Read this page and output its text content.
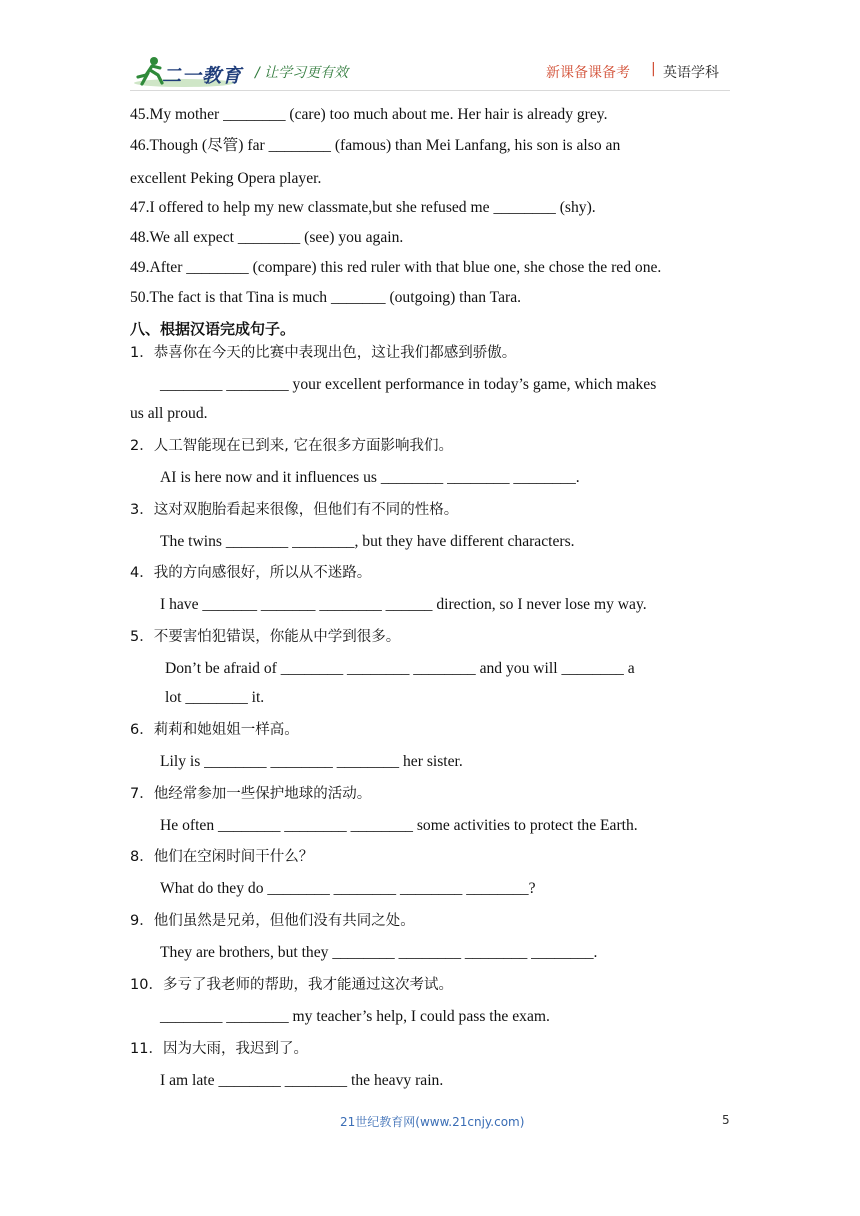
二一教育 / 让学习更有效	新课备课备考 | 英语学科
45.My mother ________ (care) too much about me. Her hair is already grey.
46.Though (尽管) far ________ (famous) than Mei Lanfang, his son is also an
excellent Peking Opera player.
47.I offered to help my new classmate,but she refused me ________ (shy).
48.We all expect ________ (see) you again.
49.After ________ (compare) this red ruler with that blue one, she chose the red one.
50.The fact is that Tina is much _______ (outgoing) than Tara.
八、根据汉语完成句子。
1．恭喜你在今天的比赛中表现出色，这让我们都感到骄傲。
________ ________ your excellent performance in today’s game, which makes
us all proud.
2．人工智能现在已到来, 它在很多方面影响我们。
AI is here now and it influences us ________ ________ ________.
3．这对双胞胎看起来很像，但他们有不同的性格。
The twins ________ ________, but they have different characters.
4．我的方向感很好，所以从不迷路。
I have _______ _______ ________ ______ direction, so I never lose my way.
5．不要害怕犯错误，你能从中学到很多。
Don’t be afraid of ________ ________ ________ and you will ________ a
lot ________ it.
6．莉莉和她姐姐一样高。
Lily is ________ ________ ________ her sister.
7．他经常参加一些保护地球的活动。
He often ________ ________ ________ some activities to protect the Earth.
8．他们在空闲时间干什么？
What do they do ________ ________ ________ ________?
9．他们虽然是兄弟，但他们没有共同之处。
They are brothers, but they ________ ________ ________ ________.
10．多亏了我老师的帮助，我才能通过这次考试。
________ ________ my teacher’s help, I could pass the exam.
11．因为大雨，我迟到了。
I am late ________ ________ the heavy rain.
21世纪教育网(www.21cnjy.com)	5
